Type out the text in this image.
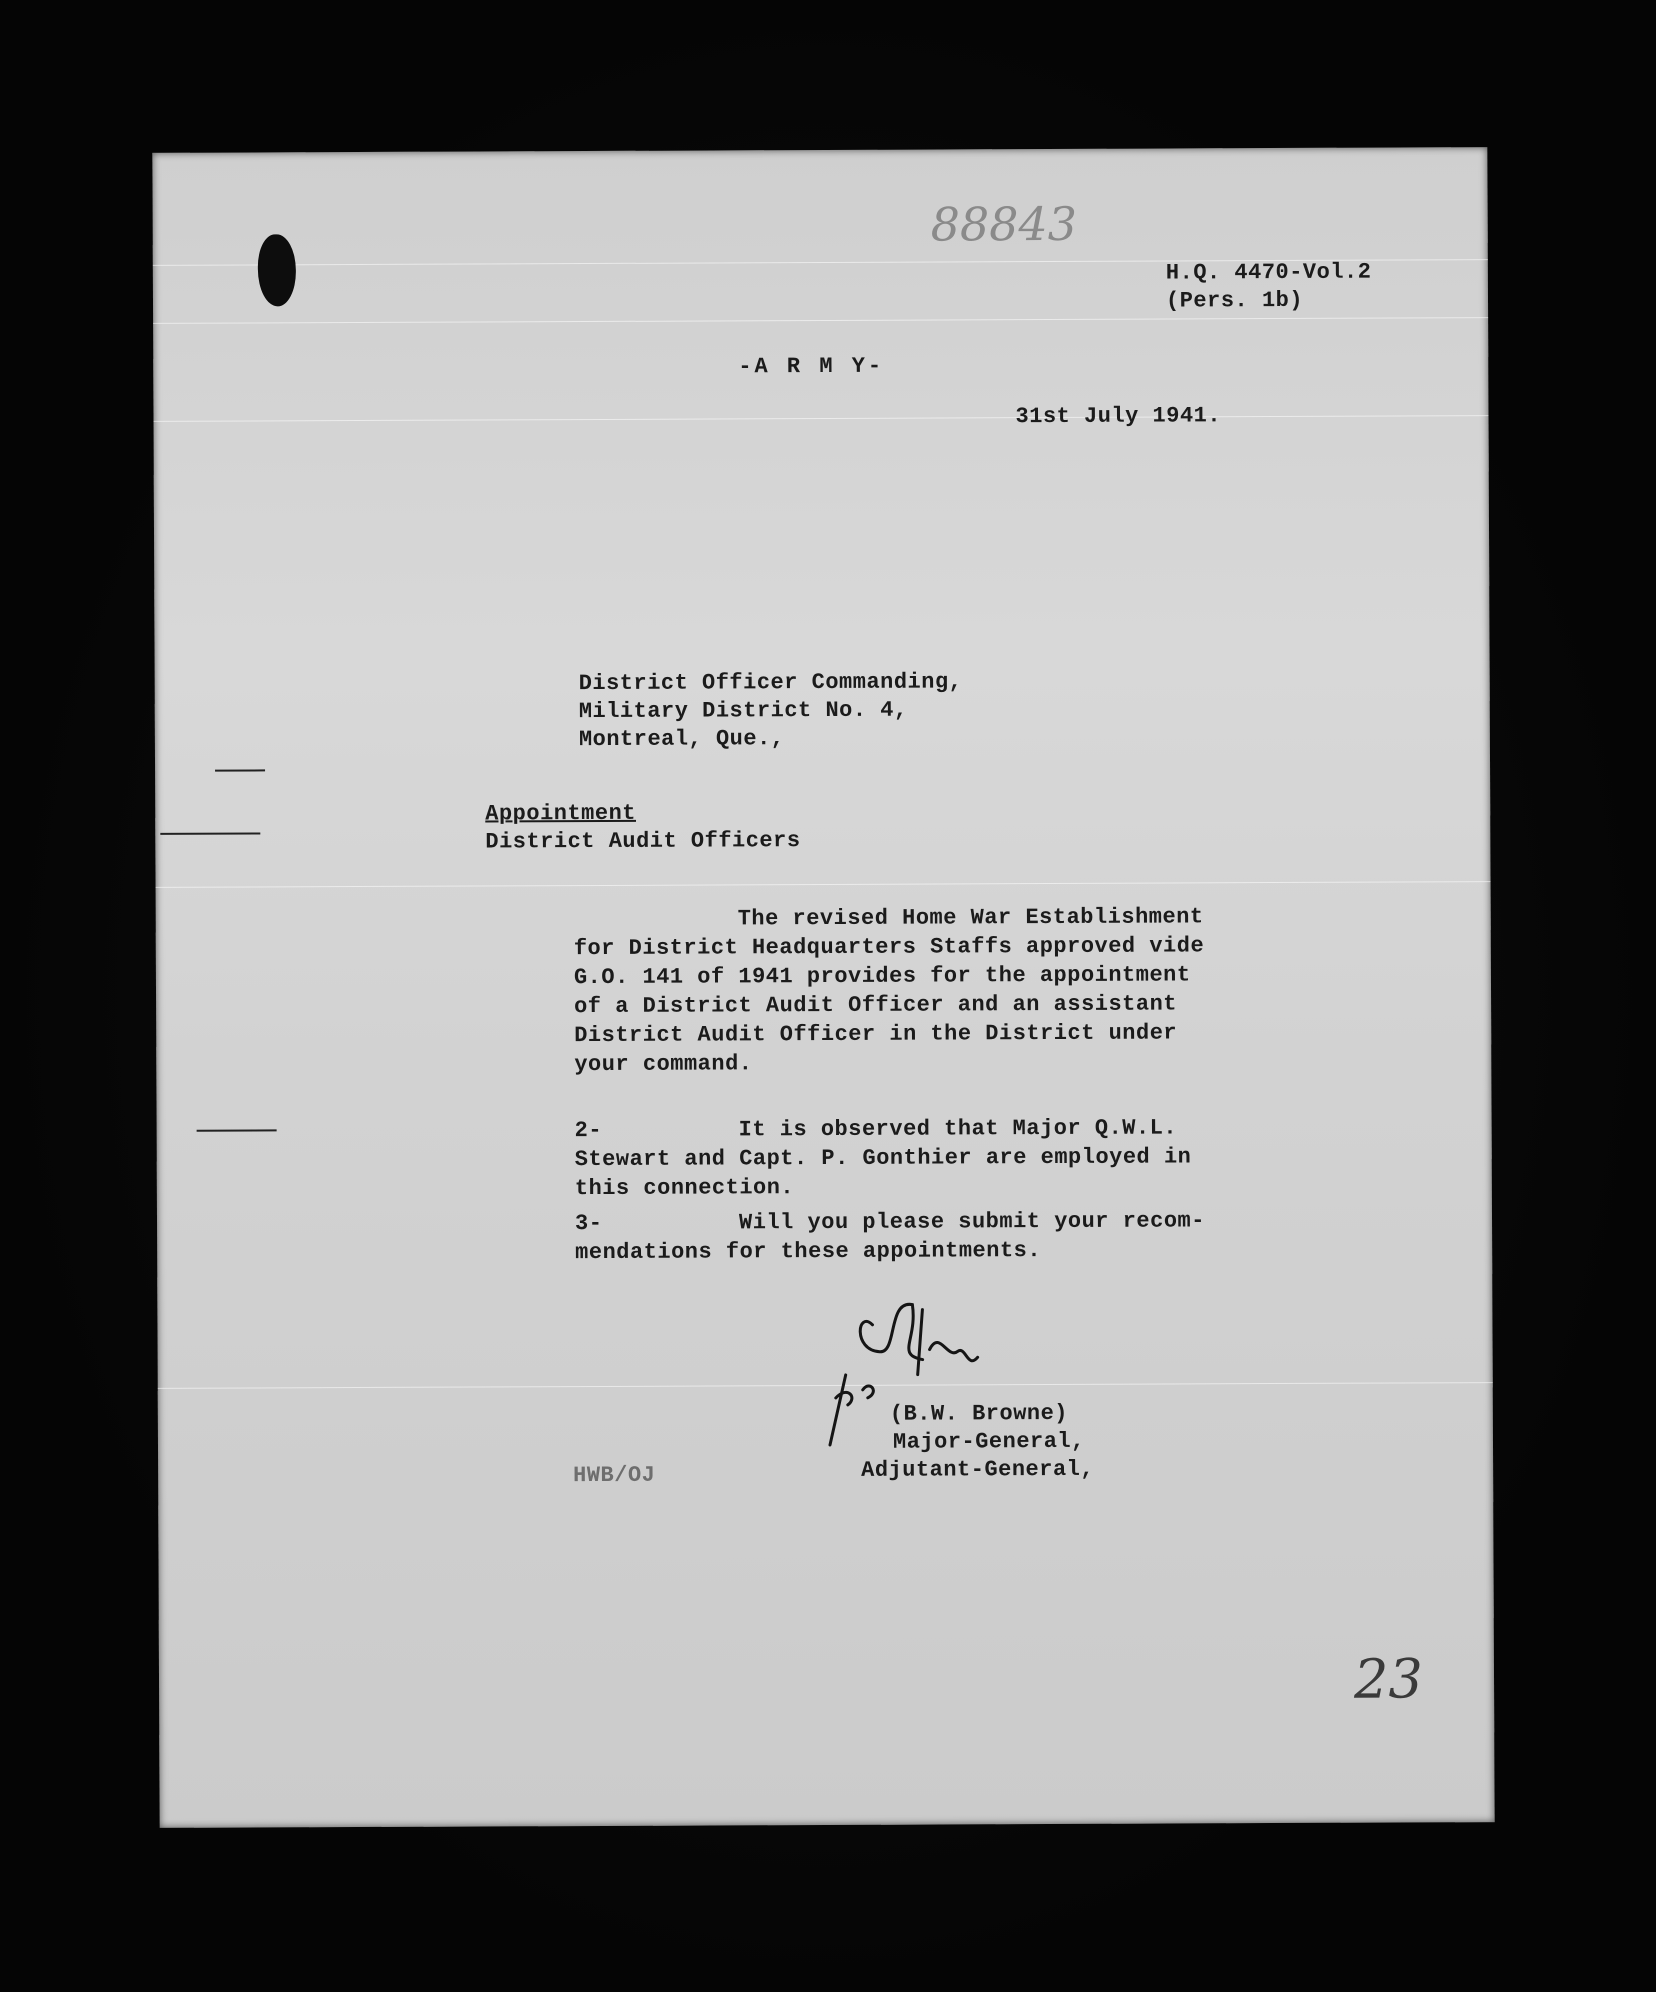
88843
H.Q. 4470-Vol.2
(Pers. 1b)
-A R M Y-
31st July 1941.
District Officer Commanding,
Military District No. 4,
Montreal, Que.,
Appointment
District Audit Officers
The revised Home War Establishment
for District Headquarters Staffs approved vide
G.O. 141 of 1941 provides for the appointment
of a District Audit Officer and an assistant
District Audit Officer in the District under
your command.
2-	It is observed that Major Q.W.L.
Stewart and Capt. P. Gonthier are employed in
this connection.
3-	Will you please submit your recom-
mendations for these appointments.
(B.W. Browne)
Major-General,
Adjutant-General,
HWB/OJ
23
